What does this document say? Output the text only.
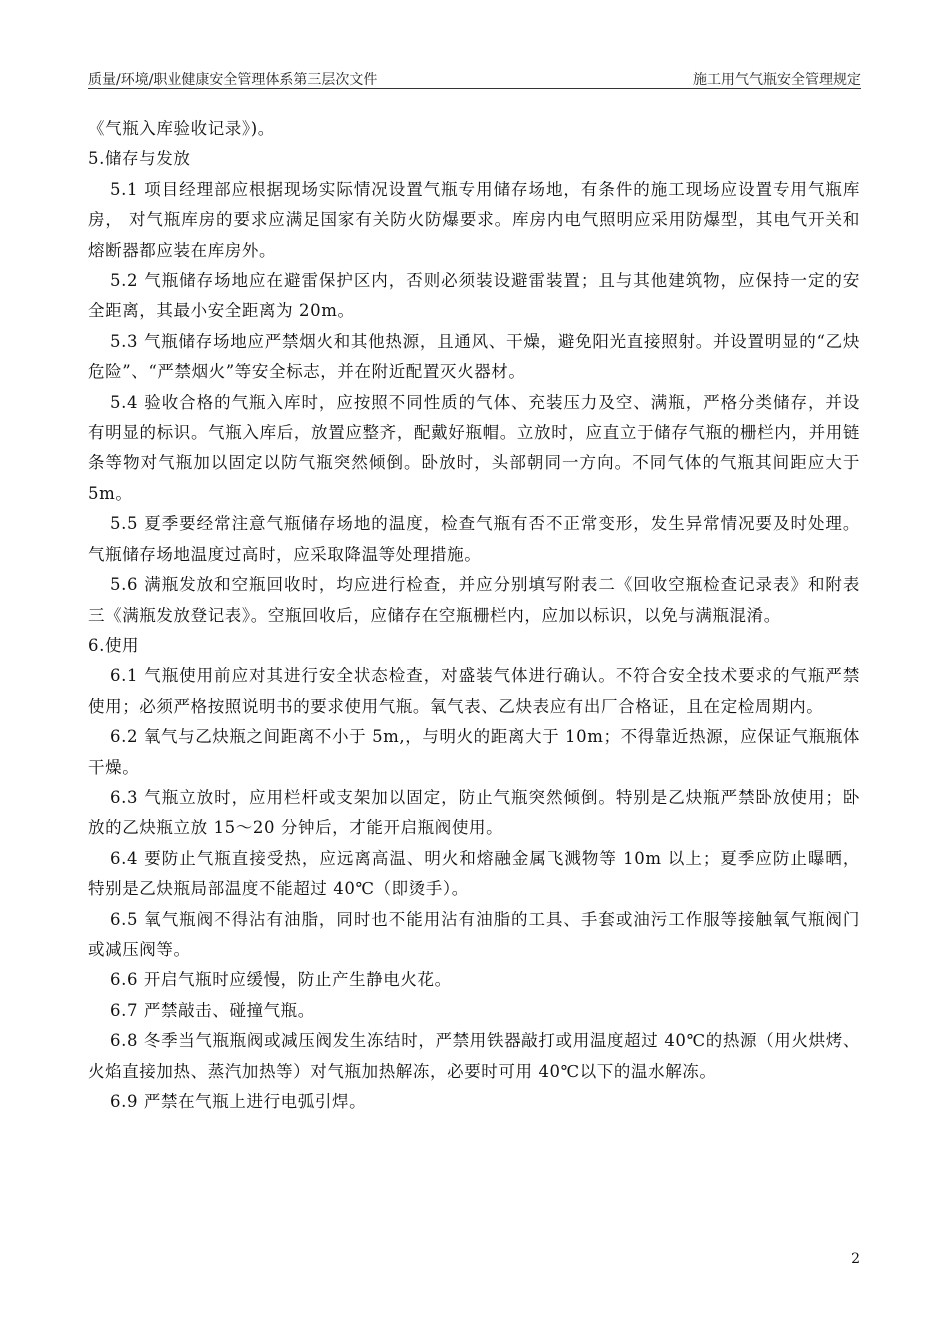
质量/环境/职业健康安全管理体系第三层次文件	施工用气气瓶安全管理规定

《气瓶入库验收记录》)。

5.储存与发放

5.1 项目经理部应根据现场实际情况设置气瓶专用储存场地，有条件的施工现场应设置专用气瓶库房， 对气瓶库房的要求应满足国家有关防火防爆要求。库房内电气照明应采用防爆型，其电气开关和熔断器都应装在库房外。

5.2 气瓶储存场地应在避雷保护区内，否则必须装设避雷装置；且与其他建筑物，应保持一定的安全距离，其最小安全距离为 20m。

5.3 气瓶储存场地应严禁烟火和其他热源，且通风、干燥，避免阳光直接照射。并设置明显的“乙炔危险”、“严禁烟火”等安全标志，并在附近配置灭火器材。

5.4 验收合格的气瓶入库时，应按照不同性质的气体、充装压力及空、满瓶，严格分类储存，并设有明显的标识。气瓶入库后，放置应整齐，配戴好瓶帽。立放时，应直立于储存气瓶的栅栏内，并用链条等物对气瓶加以固定以防气瓶突然倾倒。卧放时，头部朝同一方向。不同气体的气瓶其间距应大于 5m。

5.5 夏季要经常注意气瓶储存场地的温度，检查气瓶有否不正常变形，发生异常情况要及时处理。气瓶储存场地温度过高时，应采取降温等处理措施。

5.6 满瓶发放和空瓶回收时，均应进行检查，并应分别填写附表二《回收空瓶检查记录表》和附表三《满瓶发放登记表》。空瓶回收后，应储存在空瓶栅栏内，应加以标识，以免与满瓶混淆。

6.使用

6.1 气瓶使用前应对其进行安全状态检查，对盛装气体进行确认。不符合安全技术要求的气瓶严禁使用；必须严格按照说明书的要求使用气瓶。氧气表、乙炔表应有出厂合格证，且在定检周期内。

6.2 氧气与乙炔瓶之间距离不小于 5m,，与明火的距离大于 10m；不得靠近热源，应保证气瓶瓶体干燥。

6.3 气瓶立放时，应用栏杆或支架加以固定，防止气瓶突然倾倒。特别是乙炔瓶严禁卧放使用；卧放的乙炔瓶立放 15～20 分钟后，才能开启瓶阀使用。

6.4 要防止气瓶直接受热，应远离高温、明火和熔融金属飞溅物等 10m 以上；夏季应防止曝晒，特别是乙炔瓶局部温度不能超过 40℃（即烫手）。

6.5 氧气瓶阀不得沾有油脂，同时也不能用沾有油脂的工具、手套或油污工作服等接触氧气瓶阀门或减压阀等。

6.6 开启气瓶时应缓慢，防止产生静电火花。

6.7 严禁敲击、碰撞气瓶。

6.8 冬季当气瓶瓶阀或减压阀发生冻结时，严禁用铁器敲打或用温度超过 40℃的热源（用火烘烤、火焰直接加热、蒸汽加热等）对气瓶加热解冻，必要时可用 40℃以下的温水解冻。

6.9 严禁在气瓶上进行电弧引焊。

2
